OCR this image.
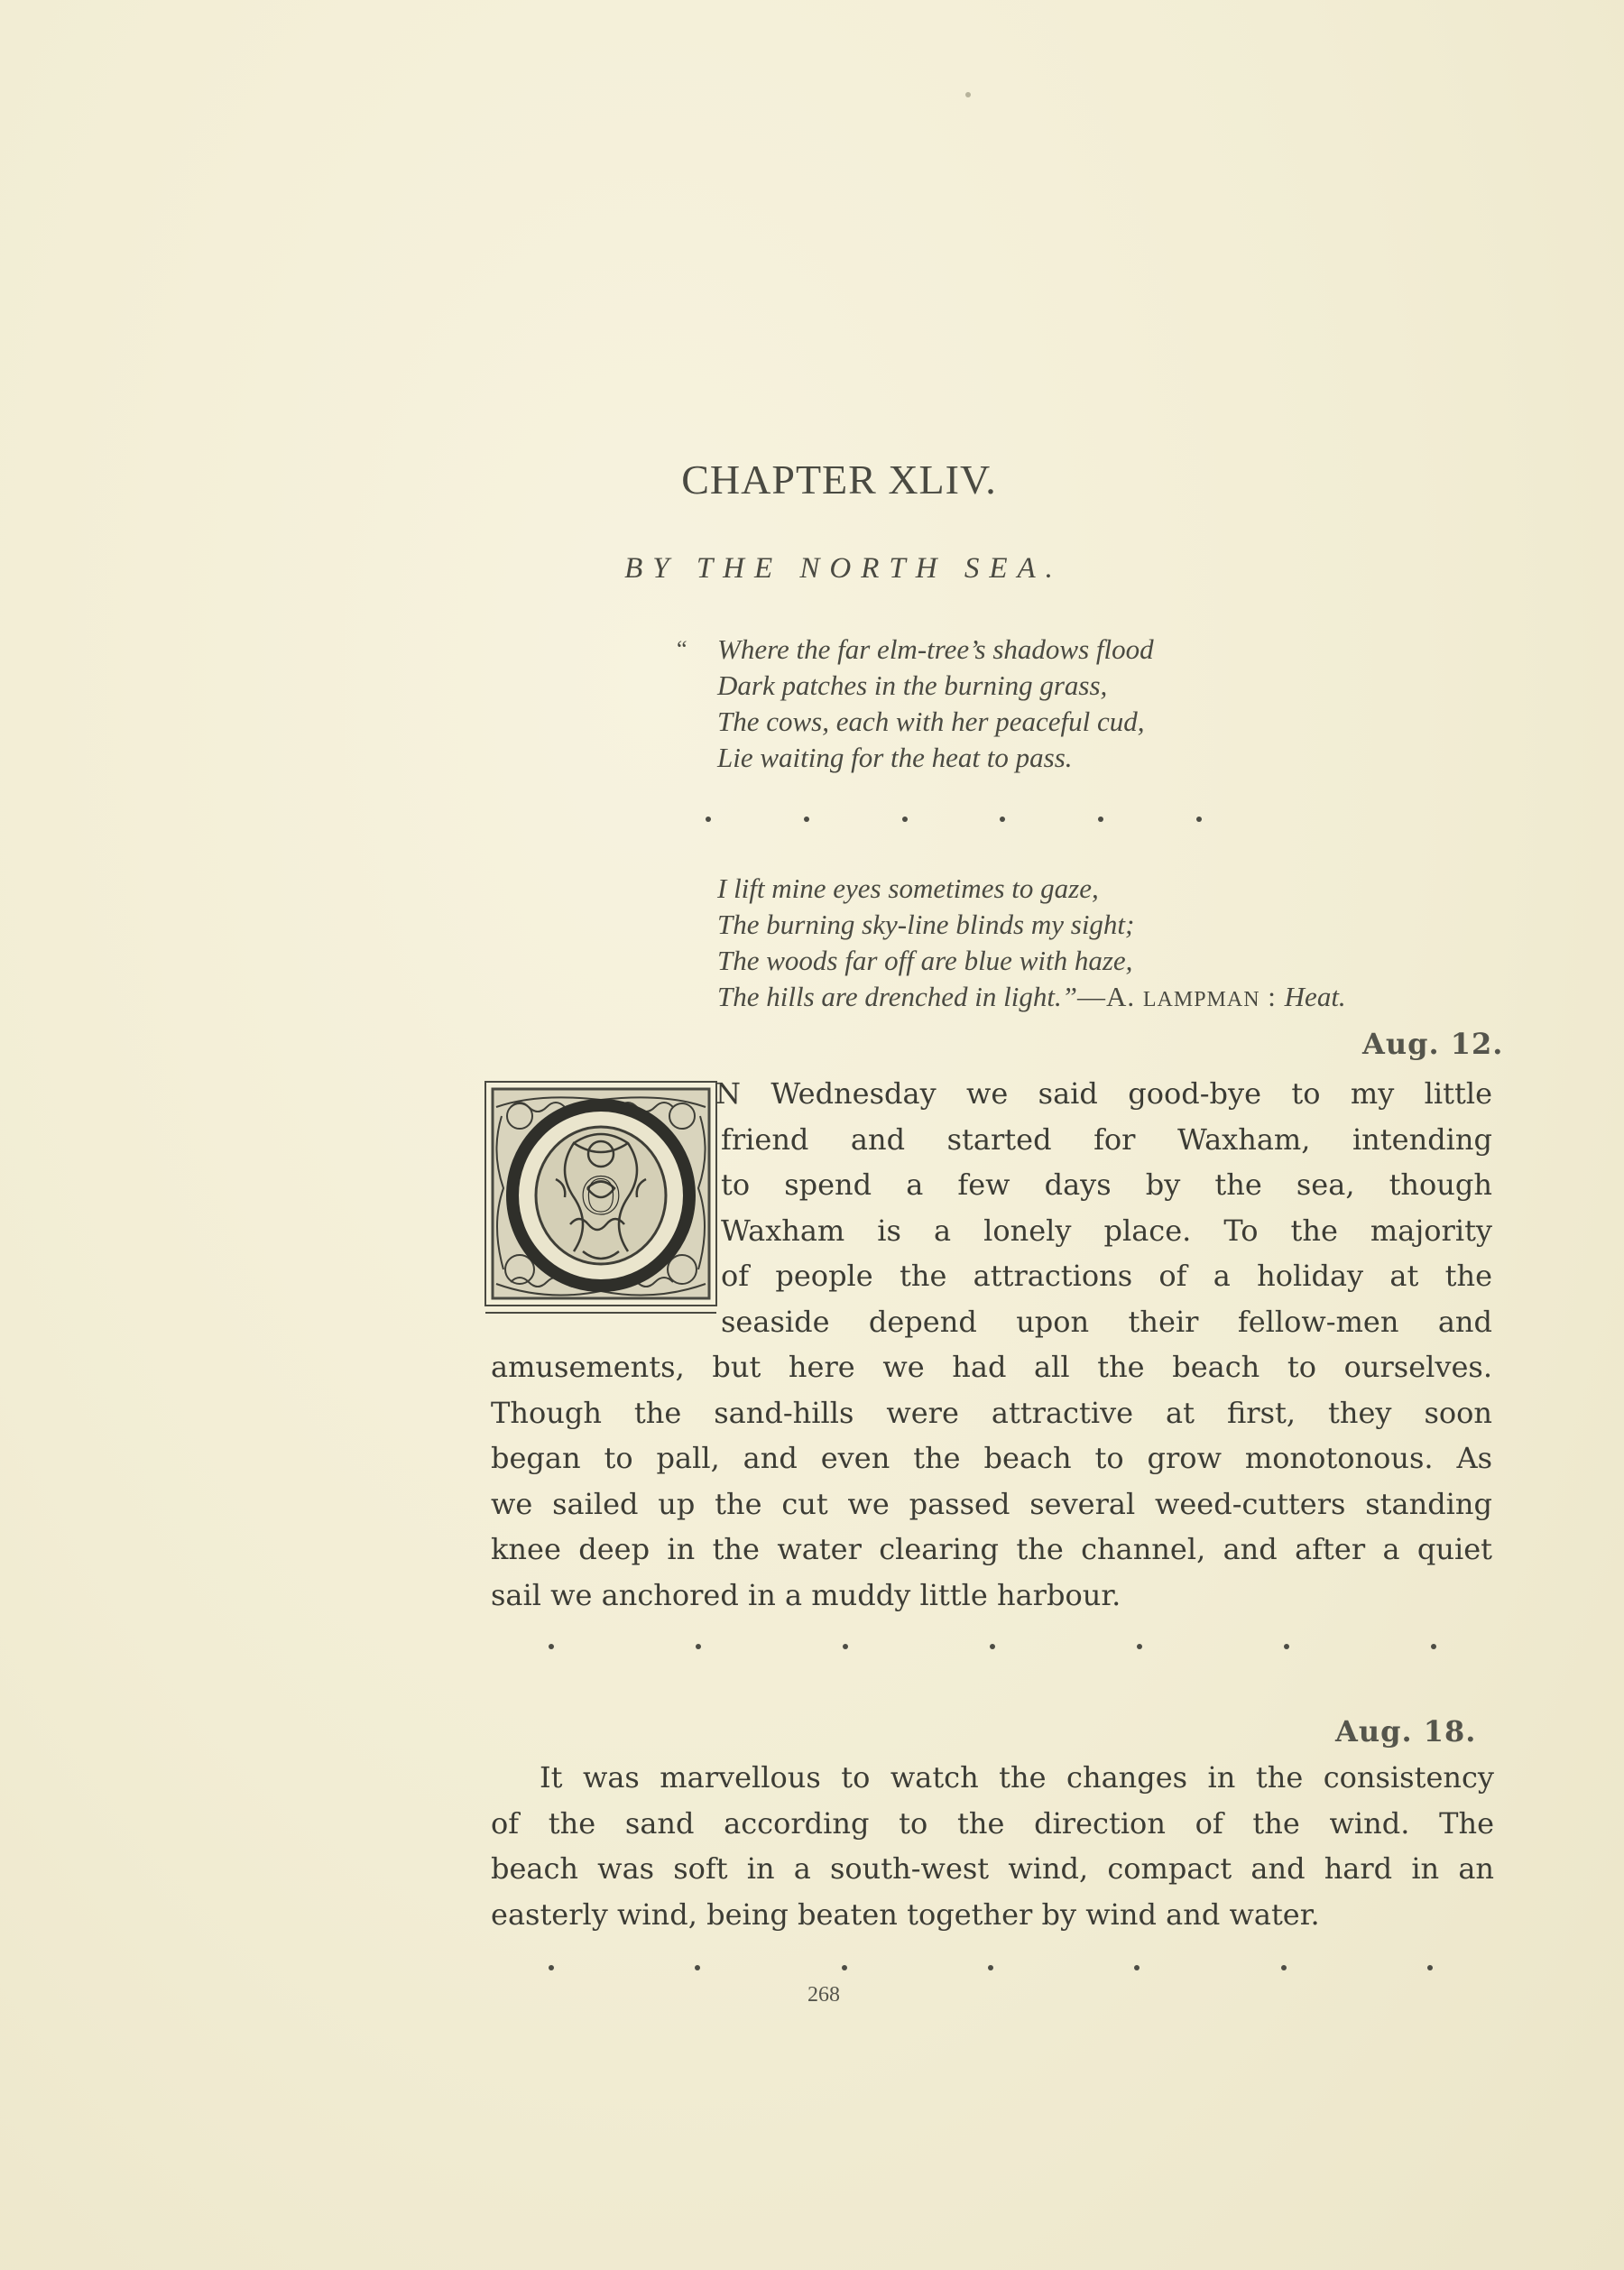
CHAPTER XLIV.
BY THE NORTH SEA.
“	Where the far elm-tree’s shadows flood
Dark patches in the burning grass,
The cows, each with her peaceful cud,
Lie waiting for the heat to pass.
I lift mine eyes sometimes to gaze,
The burning sky-line blinds my sight;
The woods far off are blue with haze,
The hills are drenched in light.”—A. LAMPMAN : Heat.
Aug. 12.
O
N Wednesday we said good-bye to my little
friend and started for Waxham, intending
to spend a few days by the sea, though
Waxham is a lonely place. To the majority
of people the attractions of a holiday at the
seaside depend upon their fellow-men and
amusements, but here we had all the beach to ourselves.
Though the sand-hills were attractive at first, they soon
began to pall, and even the beach to grow monotonous. As
we sailed up the cut we passed several weed-cutters standing
knee deep in the water clearing the channel, and after a quiet
sail we anchored in a muddy little harbour.
Aug. 18.
It was marvellous to watch the changes in the consistency
of the sand according to the direction of the wind. The
beach was soft in a south-west wind, compact and hard in an
easterly wind, being beaten together by wind and water.
268
